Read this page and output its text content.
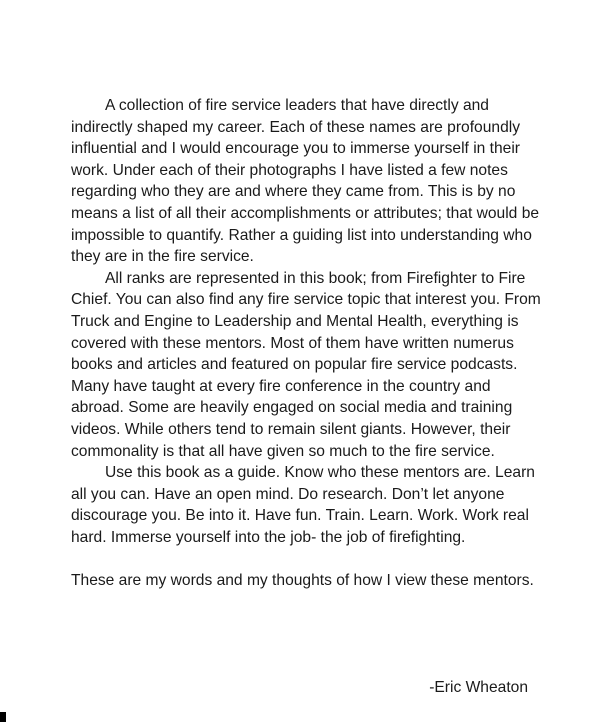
A collection of fire service leaders that have directly and indirectly shaped my career. Each of these names are profoundly influential and I would encourage you to immerse yourself in their work. Under each of their photographs I have listed a few notes regarding who they are and where they came from. This is by no means a list of all their accomplishments or attributes; that would be impossible to quantify. Rather a guiding list into understanding who they are in the fire service.

All ranks are represented in this book; from Firefighter to Fire Chief. You can also find any fire service topic that interest you. From Truck and Engine to Leadership and Mental Health, everything is covered with these mentors. Most of them have written numerus books and articles and featured on popular fire service podcasts. Many have taught at every fire conference in the country and abroad. Some are heavily engaged on social media and training videos. While others tend to remain silent giants. However, their commonality is that all have given so much to the fire service.

Use this book as a guide. Know who these mentors are. Learn all you can. Have an open mind. Do research. Don’t let anyone discourage you. Be into it. Have fun. Train. Learn. Work. Work real hard. Immerse yourself into the job- the job of firefighting.

These are my words and my thoughts of how I view these mentors.

-Eric Wheaton
